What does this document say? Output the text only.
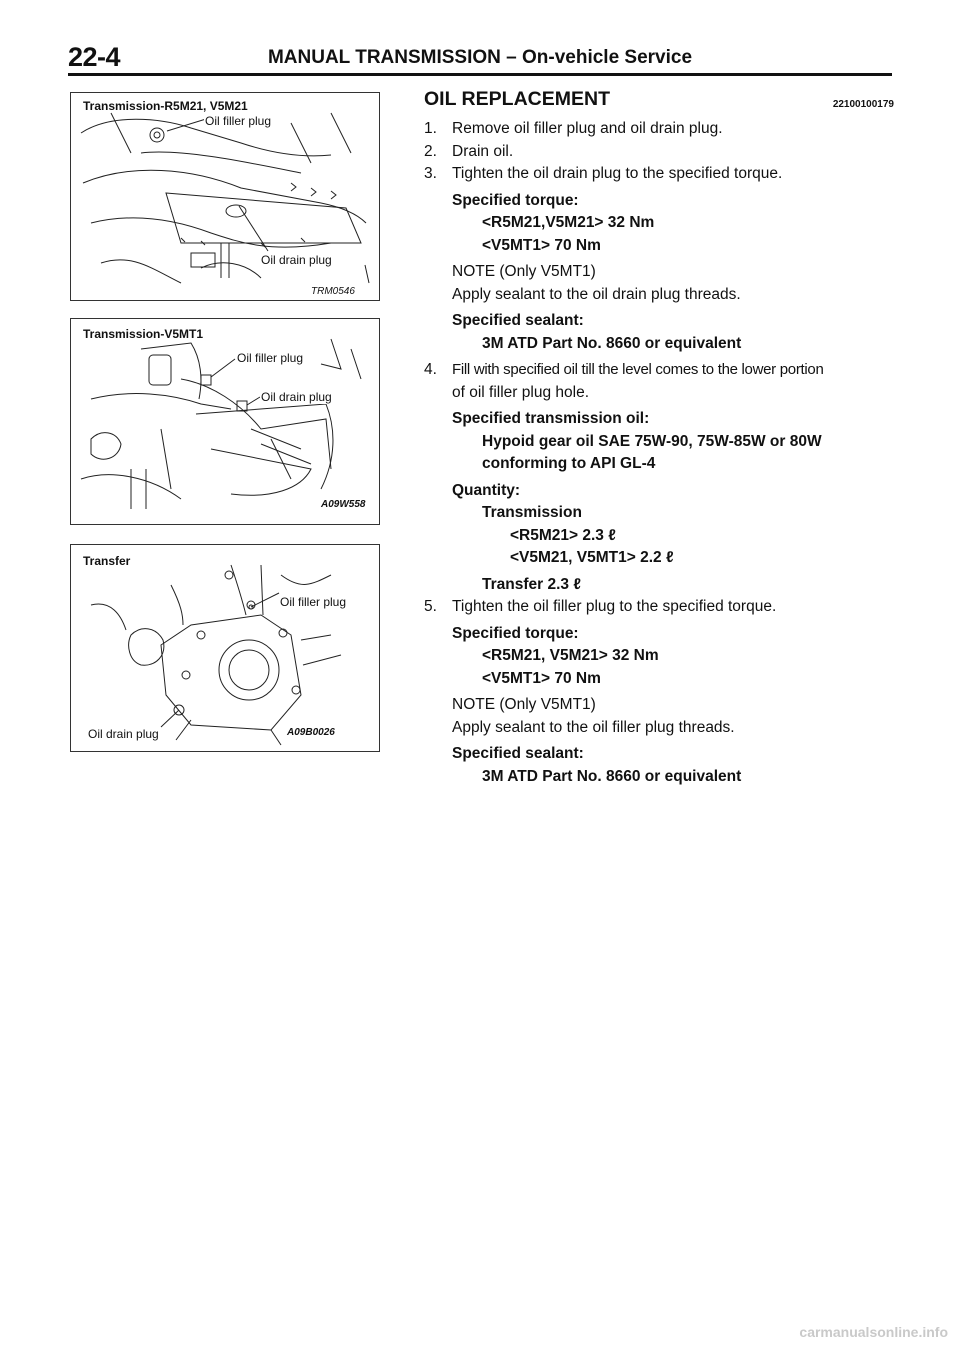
22-4	MANUAL TRANSMISSION – On-vehicle Service
Transmission-R5M21, V5M21
Oil filler plug
Oil drain plug
TRM0546
Transmission-V5MT1
Oil filler plug
Oil drain plug
A09W558
Transfer
Oil filler plug
Oil drain plug	A09B0026
OIL REPLACEMENT	22100100179
1. Remove oil filler plug and oil drain plug.
2. Drain oil.
3. Tighten the oil drain plug to the specified torque.
Specified torque:
<R5M21,V5M21> 32 Nm
<V5MT1> 70 Nm
NOTE (Only V5MT1)
Apply sealant to the oil drain plug threads.
Specified sealant:
3M ATD Part No. 8660 or equivalent
4. Fill with specified oil till the level comes to the lower portion
of oil filler plug hole.
Specified transmission oil:
Hypoid gear oil SAE 75W-90, 75W-85W or 80W
conforming to API GL-4
Quantity:
Transmission
<R5M21> 2.3 ℓ
<V5M21, V5MT1> 2.2 ℓ
Transfer 2.3 ℓ
5. Tighten the oil filler plug to the specified torque.
Specified torque:
<R5M21, V5M21> 32 Nm
<V5MT1> 70 Nm
NOTE (Only V5MT1)
Apply sealant to the oil filler plug threads.
Specified sealant:
3M ATD Part No. 8660 or equivalent
carmanualsonline.info
